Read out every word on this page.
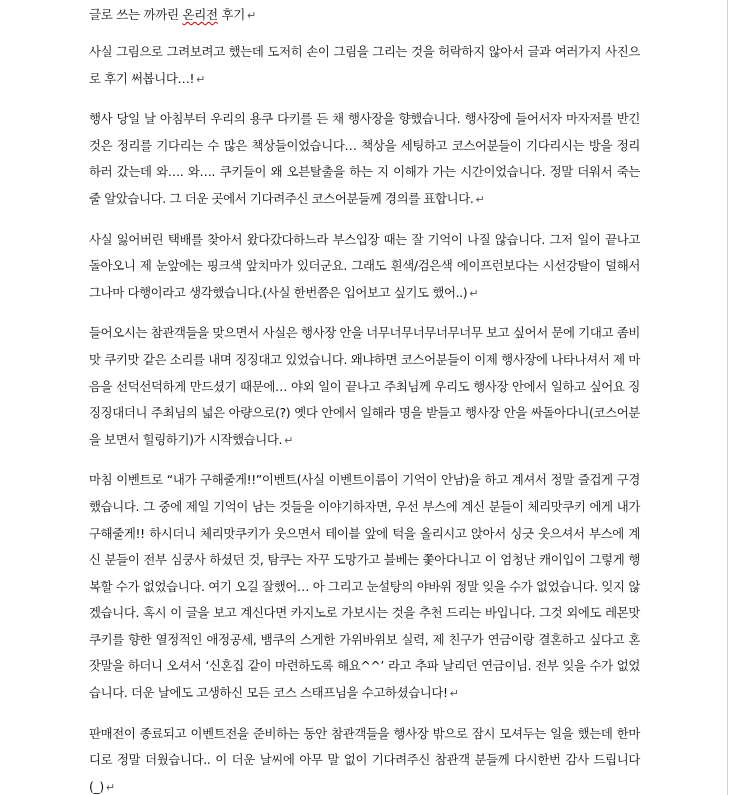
글로 쓰는 까까린 온리전 후기 ↵

사실 그림으로 그려보려고 했는데 도저히 손이 그림을 그리는 것을 허락하지 않아서 글과 여러가지 사진으로 후기 써봅니다…! ↵

행사 당일 날 아침부터 우리의 용쿠 다키를 든 채 행사장을 향했습니다. 행사장에 들어서자 마자저를 반긴 것은 정리를 기다리는 수 많은 책상들이었습니다… 책상을 세팅하고 코스어분들이 기다리시는 방을 정리하러 갔는데 와…. 와…. 쿠키들이 왜 오븐탈출을 하는 지 이해가 가는 시간이었습니다. 정말 더워서 죽는 줄 알았습니다. 그 더운 곳에서 기다려주신 코스어분들께 경의를 표합니다. ↵

사실 잃어버린 택배를 찾아서 왔다갔다하느라 부스입장 때는 잘 기억이 나질 않습니다. 그저 일이 끝나고 돌아오니 제 눈앞에는 핑크색 앞치마가 있더군요. 그래도 흰색/검은색 에이프런보다는 시선강탈이 덜해서 그나마 다행이라고 생각했습니다.(사실 한번쯤은 입어보고 싶기도 했어..) ↵

들어오시는 참관객들을 맞으면서 사실은 행사장 안을 너무너무너무너무너무 보고 싶어서 문에 기대고 좀비맛 쿠키맛 같은 소리를 내며 징징대고 있었습니다. 왜냐하면 코스어분들이 이제 행사장에 나타나셔서 제 마음을 선덕선덕하게 만드셨기 때문에… 야외 일이 끝나고 주최님께 우리도 행사장 안에서 일하고 싶어요 징징징대더니 주최님의 넓은 아량으로(?) 옛다 안에서 일해라 명을 받들고 행사장 안을 싸돌아다니(코스어분을 보면서 힐링하기)가 시작했습니다. ↵

마침 이벤트로 “내가 구해줄게!!”이벤트(사실 이벤트이름이 기억이 안남)을 하고 계셔서 정말 즐겁게 구경했습니다. 그 중에 제일 기억이 남는 것들을 이야기하자면, 우선 부스에 계신 분들이 체리맛쿠키 에게 내가 구해줄게!! 하시더니 체리맛쿠키가 웃으면서 테이블 앞에 턱을 올리시고 앉아서 싱긋 웃으셔서 부스에 계신 분들이 전부 심쿵사 하셨던 것, 탐쿠는 자꾸 도망가고 블베는 쫓아다니고 이 엄청난 캐이입이 그렇게 행복할 수가 없었습니다. 여기 오길 잘했어… 아 그리고 눈설탕의 야바위 정말 잊을 수가 없었습니다. 잊지 않겠습니다. 혹시 이 글을 보고 계신다면 카지노로 가보시는 것을 추천 드리는 바입니다. 그것 외에도 레몬맛 쿠키를 향한 열정적인 애정공세, 뱀쿠의 스게한 가위바위보 실력, 제 친구가 연금이랑 결혼하고 싶다고 혼잣말을 하더니 오셔서 ‘신혼집 같이 마련하도록 해요^^’ 라고 추파 날리던 연금이님. 전부 잊을 수가 없었습니다. 더운 날에도 고생하신 모든 코스 스태프님을 수고하셨습니다! ↵

판매전이 종료되고 이벤트전을 준비하는 동안 참관객들을 행사장 밖으로 잠시 모셔두는 일을 했는데 한마디로 정말 더웠습니다.. 이 더운 날씨에 아무 말 없이 기다려주신 참관객 분들께 다시한번 감사 드립니다 (_) ↵
